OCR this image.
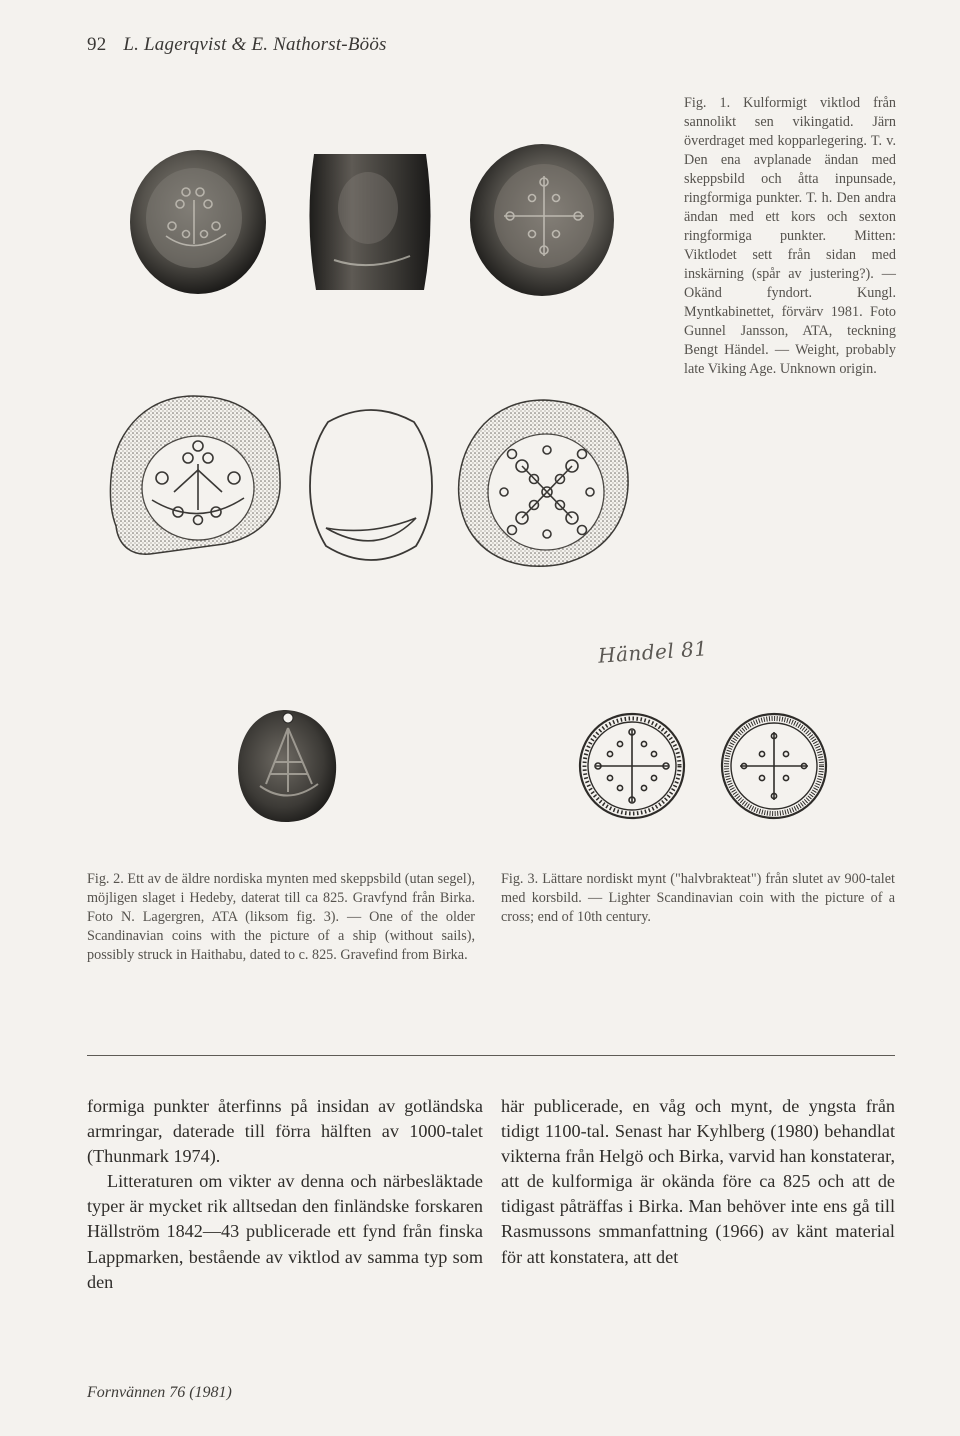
92 L. Lagerqvist & E. Nathorst-Böös
Fig. 1. Kulformigt viktlod från sannolikt sen vikingatid. Järn överdraget med kopparlegering. T. v. Den ena avplanade ändan med skeppsbild och åtta inpunsade, ringformiga punkter. T. h. Den andra ändan med ett kors och sexton ringformiga punkter. Mitten: Viktlodet sett från sidan med inskärning (spår av justering?). — Okänd fyndort. Kungl. Myntkabinettet, förvärv 1981. Foto Gunnel Jansson, ATA, teckning Bengt Händel. — Weight, probably late Viking Age. Unknown origin.
Händel 81
Fig. 2. Ett av de äldre nordiska mynten med skeppsbild (utan segel), möjligen slaget i Hedeby, daterat till ca 825. Gravfynd från Birka. Foto N. Lagergren, ATA (liksom fig. 3). — One of the older Scandinavian coins with the picture of a ship (without sails), possibly struck in Haithabu, dated to c. 825. Gravefind from Birka.
Fig. 3. Lättare nordiskt mynt ("halvbrakteat") från slutet av 900-talet med korsbild. — Lighter Scandinavian coin with the picture of a cross; end of 10th century.

formiga punkter återfinns på insidan av gotländska armringar, daterade till förra hälften av 1000-talet (Thunmark 1974).

Litteraturen om vikter av denna och närbesläktade typer är mycket rik alltsedan den finländske forskaren Hällström 1842—43 publicerade ett fynd från finska Lappmarken, bestående av viktlod av samma typ som den

här publicerade, en våg och mynt, de yngsta från tidigt 1100-tal. Senast har Kyhlberg (1980) behandlat vikterna från Helgö och Birka, varvid han konstaterar, att de kulformiga är okända före ca 825 och att de tidigast påträffas i Birka. Man behöver inte ens gå till Rasmussons smmanfattning (1966) av känt material för att konstatera, att det

Fornvännen 76 (1981)
